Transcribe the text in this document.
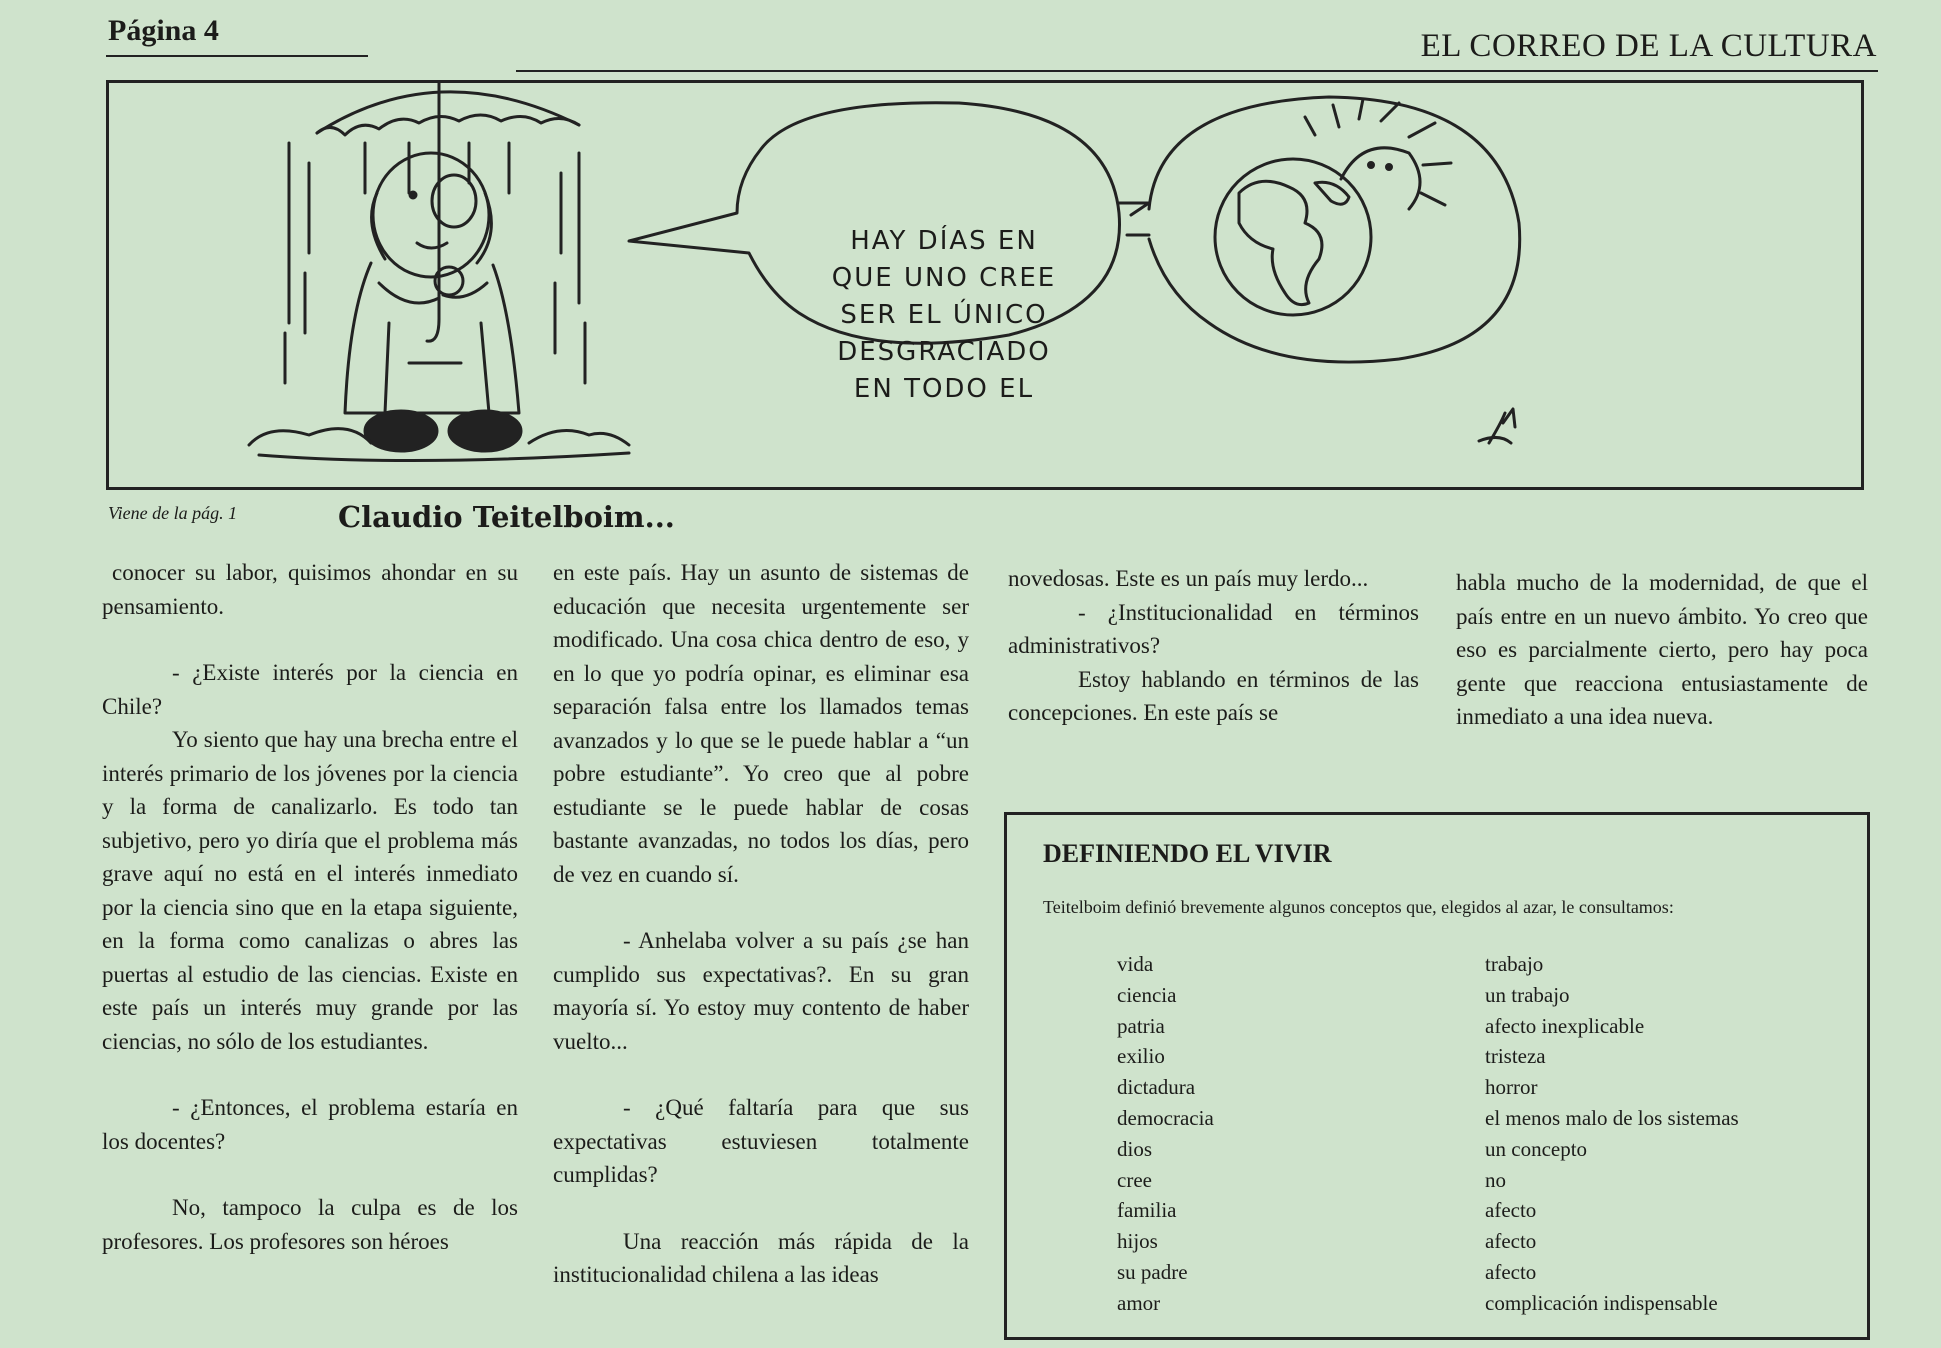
Página 4	EL CORREO DE LA CULTURA
HAY DÍAS EN
QUE UNO CREE
SER EL ÚNICO
DESGRACIADO
EN TODO EL
Viene de la pág. 1	Claudio Teitelboim...

conocer su labor, quisimos ahondar en su pensamiento.

- ¿Existe interés por la ciencia en Chile?

Yo siento que hay una brecha entre el interés primario de los jóvenes por la ciencia y la forma de canalizarlo. Es todo tan subjetivo, pero yo diría que el problema más grave aquí no está en el interés inmediato por la ciencia sino que en la etapa siguiente, en la forma como canalizas o abres las puertas al estudio de las ciencias. Existe en este país un interés muy grande por las ciencias, no sólo de los estudiantes.

- ¿Entonces, el problema estaría en los docentes?

No, tampoco la culpa es de los profesores. Los profesores son héroes

en este país. Hay un asunto de sistemas de educación que necesita urgentemente ser modificado. Una cosa chica dentro de eso, y en lo que yo podría opinar, es eliminar esa separación falsa entre los llamados temas avanzados y lo que se le puede hablar a “un pobre estudiante”. Yo creo que al pobre estudiante se le puede hablar de cosas bastante avanzadas, no todos los días, pero de vez en cuando sí.

- Anhelaba volver a su país ¿se han cumplido sus expectativas?. En su gran mayoría sí. Yo estoy muy contento de haber vuelto...

- ¿Qué faltaría para que sus expectativas estuviesen totalmente cumplidas?

Una reacción más rápida de la institucionalidad chilena a las ideas

novedosas. Este es un país muy lerdo...

- ¿Institucionalidad en términos administrativos?

Estoy hablando en términos de las concepciones. En este país se

habla mucho de la modernidad, de que el país entre en un nuevo ámbito. Yo creo que eso es parcialmente cierto, pero hay poca gente que reacciona entusiastamente de inmediato a una idea nueva.

DEFINIENDO EL VIVIR
Teitelboim definió brevemente algunos conceptos que, elegidos al azar, le consultamos:
vida
ciencia
patria
exilio
dictadura
democracia
dios
cree
familia
hijos
su padre
amor
trabajo
un trabajo
afecto inexplicable
tristeza
horror
el menos malo de los sistemas
un concepto
no
afecto
afecto
afecto
complicación indispensable
